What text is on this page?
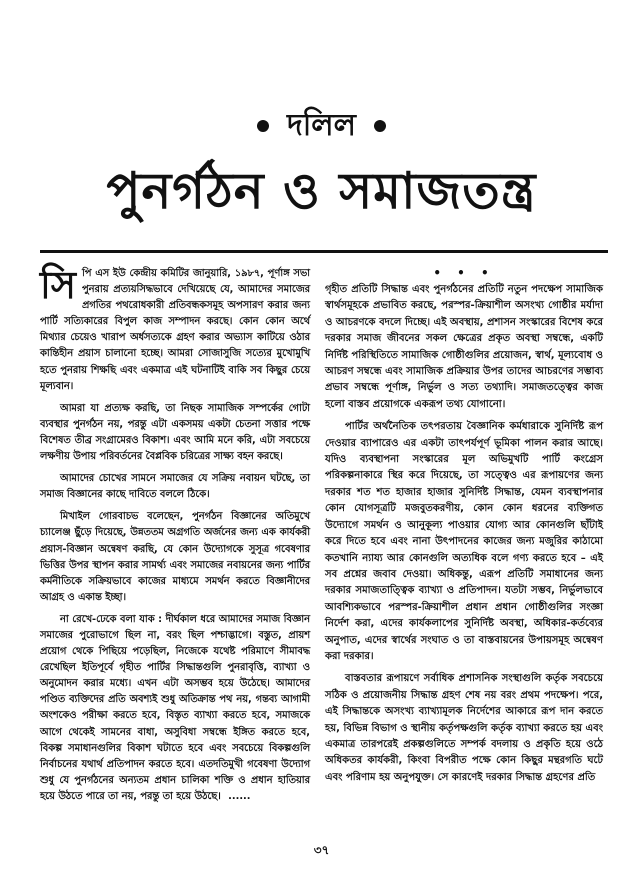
দলিল
পুনর্গঠন ও সমাজতন্ত্র

সিপি এস ইউ কেন্দ্রীয় কমিটির জানুয়ারি, ১৯৮৭, পূর্ণাঙ্গ সভা পুনরায় প্রত্যয়সিদ্ধভাবে দেখিয়েছে যে, আমাদের সমাজের প্রগতির পথরোধকারী প্রতিবন্ধকসমূহ অপসারণ করার জন্য পার্টি সত্যিকারের বিপুল কাজ সম্পাদন করছে। কোন কোন অর্থে মিথ্যার চেয়েও খারাপ অর্ধসত্যকে গ্রহণ করার অভ্যাস কাটিয়ে ওঠার কান্তিহীন প্রয়াস চালানো হচ্ছে। আমরা সোজাসুজি সত্যের মুখোমুখি হতে পুনরায় শিক্ষছি এবং একমাত্র এই ঘটনাটিই বাকি সব কিছুর চেয়ে মূল্যবান।

আমরা যা প্রত্যক্ষ করছি, তা নিছক সামাজিক সম্পর্কের গোটা ব্যবস্থার পুনর্গঠন নয়, পরন্তু এটা একসময় একটা চেতনা সত্তার পক্ষে বিশেষত তীব্র সংগ্রামেরও বিকাশ। এবং আমি মনে করি, এটা সবচেয়ে লক্ষণীয় উপায় পরিবর্তনের বৈপ্লবিক চরিত্রের সাক্ষ্য বহন করছে।

আমাদের চোখের সামনে সমাজের যে সক্রিয় নবায়ন ঘটছে, তা সমাজ বিজ্ঞানের কাছে দাবিতে বললে ঠিকে।

মিখাইল গোরবাচভ বলেছেন, পুনর্গঠন বিজ্ঞানের অতিমুখে চ্যালেঞ্জ ছুঁড়ে দিয়েছে, উন্নততম অগ্রগতি অর্জনের জন্য এক কার্যকরী প্রয়াস-বিজ্ঞান অন্বেষণ করছি, যে কোন উদ্যোগকে সুসূত্র গবেষণার ভিত্তির উপর স্থাপন করার সামর্থ্য এবং সমাজের নবায়নের জন্য পার্টির কর্মনীতিকে সক্রিয়ভাবে কাজের মাধ্যমে সমর্থন করতে বিজ্ঞানীদের আগ্রহ ও একান্ত ইচ্ছা।

না রেখে-ঢেকে বলা যাক : দীর্ঘকাল ধরে আমাদের সমাজ বিজ্ঞান সমাজের পুরোভাগে ছিল না, বরং ছিল পশ্চাদ্ভাগে। বস্তুত, প্রায়শ প্রয়োগ থেকে পিছিয়ে পড়েছিল, নিজেকে যথেষ্ট পরিমাণে সীমাবদ্ধ রেখেছিল ইতিপূর্বে গৃহীত পার্টির সিদ্ধান্তগুলি পুনরাবৃত্তি, ব্যাখ্যা ও অনুমোদন করার মধ্যে। এখন এটা অসম্ভব হয়ে উঠেছে। আমাদের পণ্ডিত ব্যক্তিদের প্রতি অবশ্যই শুধু অতিক্রান্ত পথ নয়, গন্তব্য আগামী অংশকেও পরীক্ষা করতে হবে, বিস্তৃত ব্যাখ্যা করতে হবে, সমাজকে আগে থেকেই সামনের বাধা, অসুবিধা সম্বন্ধে ইঙ্গিত করতে হবে, বিকল্প সমাধানগুলির বিকাশ ঘটাতে হবে এবং সবচেয়ে বিকল্পগুলি নির্বাচনের যথার্থ প্রতিপাদন করতে হবে। এতদতিমুখী গবেষণা উদ্যোগ শুধু যে পুনর্গঠনের অন্যতম প্রধান চালিকা শক্তি ও প্রধান হাতিয়ার হয়ে উঠতে পারে তা নয়, পরন্তু তা হয়ে উঠছে। ......

• • •

গৃহীত প্রতিটি সিদ্ধান্ত এবং পুনর্গঠনের প্রতিটি নতুন পদক্ষেপ সামাজিক স্বার্থসমূহকে প্রভাবিত করছে, পরস্পর-ক্রিয়াশীল অসংখ্য গোষ্ঠীর মর্যাদা ও আচরণকে বদলে দিচ্ছে। এই অবস্থায়, প্রশাসন সংস্কারের বিশেষ করে দরকার সমাজ জীবনের সকল ক্ষেত্রের প্রকৃত অবস্থা সম্বন্ধে, একটি নির্দিষ্ট পরিস্থিতিতে সামাজিক গোষ্ঠীগুলির প্রয়োজন, স্বার্থ, মূল্যবোধ ও আচরণ সম্বন্ধে এবং সামাজিক প্রক্রিয়ার উপর তাদের আচরণের সম্ভাব্য প্রভাব সম্বন্ধে পূর্ণাঙ্গ, নির্ভুল ও সত্য তথ্যাদি। সমাজতত্ত্বের কাজ হলো বাস্তব প্রয়োগকে একরূপ তথ্য যোগানো।

পার্টির অর্থনৈতিক তৎপরতায় বৈজ্ঞানিক কর্মধারাকে সুনির্দিষ্ট রূপ দেওয়ার ব্যাপারেও এর একটা তাৎপর্যপূর্ণ ভূমিকা পালন করার আছে। যদিও ব্যবস্থাপনা সংস্কারের মূল অভিমুখটি পার্টি কংগ্রেস পরিকল্পনাকারে স্থির করে দিয়েছে, তা সত্ত্বেও এর রূপায়ণের জন্য দরকার শত শত হাজার হাজার সুনির্দিষ্ট সিদ্ধান্ত, যেমন ব্যবস্থাপনার কোন যোগসূত্রটি মজবুতকরণীয়, কোন কোন ধরনের ব্যক্তিগত উদ্যোগে সমর্থন ও আনুকূল্য পাওয়ার যোগ্য আর কোনগুলি ছাঁটাই করে দিতে হবে এবং নানা উৎপাদনের কাজের জন্য মজুরির কাঠামো কতখানি ন্যায্য আর কোনগুলি অত্যধিক বলে গণ্য করতে হবে – এই সব প্রশ্নের জবাব দেওয়া। অধিকন্তু, এরূপ প্রতিটি সমাধানের জন্য দরকার সমাজতাত্ত্বিক ব্যাখ্যা ও প্রতিপাদন। যতটা সম্ভব, নির্ভুলভাবে আবশ্যিকভাবে পরস্পর-ক্রিয়াশীল প্রধান প্রধান গোষ্ঠীগুলির সংজ্ঞা নির্দেশ করা, এদের কার্যকলাপের সুনির্দিষ্ট অবস্থা, অধিকার-কর্তব্যের অনুপাত, এদের স্বার্থের সংঘাত ও তা বাস্তবায়নের উপায়সমূহ অন্বেষণ করা দরকার।

বাস্তবতার রূপায়ণে সর্বাধিক প্রশাসনিক সংস্থাগুলি কর্তৃক সবচেয়ে সঠিক ও প্রয়োজনীয় সিদ্ধান্ত গ্রহণ শেষ নয় বরং প্রথম পদক্ষেপ। পরে, এই সিদ্ধান্তকে অসংখ্য ব্যাখ্যামূলক নির্দেশের আকারে রূপ দান করতে হয়, বিভিন্ন বিভাগ ও স্থানীয় কর্তৃপক্ষগুলি কর্তৃক ব্যাখ্যা করতে হয় এবং একমাত্র তারপরেই প্রকল্পগুলিতে সম্পর্ক বদলায় ও প্রকৃতি হয়ে ওঠে অধিকতর কার্যকরী, কিংবা বিপরীত পক্ষে কোন কিছুর মন্থরগতি ঘটে এবং পরিণাম হয় অনুপযুক্ত। সে কারণেই দরকার সিদ্ধান্ত গ্রহণের প্রতি

৩৭
